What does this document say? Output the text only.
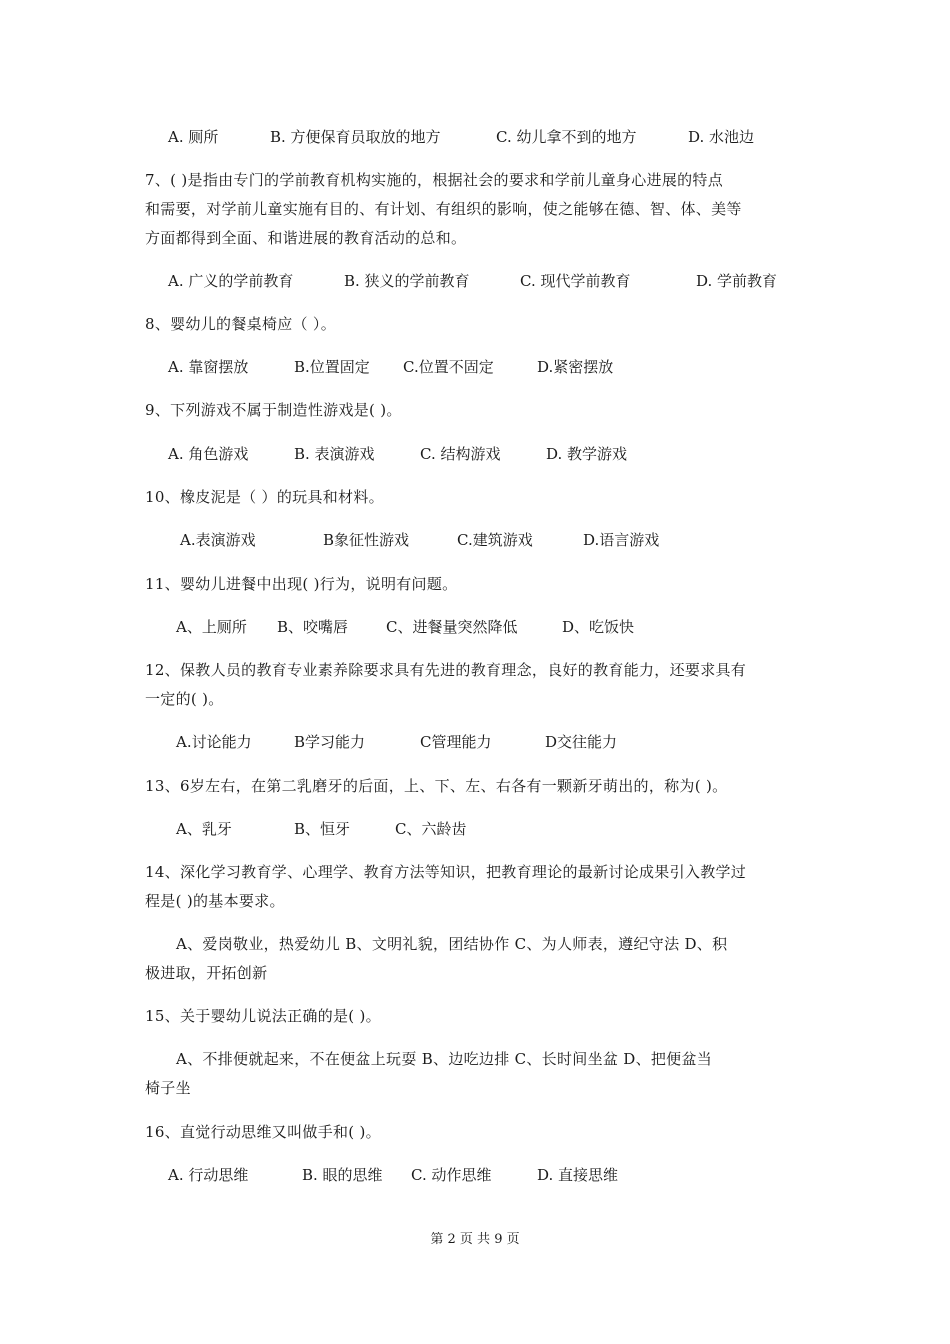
A. 厕所	B. 方便保育员取放的地方	C. 幼儿拿不到的地方	D. 水池边
7、( )是指由专门的学前教育机构实施的，根据社会的要求和学前儿童身心进展的特点
和需要，对学前儿童实施有目的、有计划、有组织的影响，使之能够在德、智、体、美等
方面都得到全面、和谐进展的教育活动的总和。
A. 广义的学前教育	B. 狭义的学前教育	C. 现代学前教育	D. 学前教育
8、婴幼儿的餐桌椅应（ ）。
A. 靠窗摆放	B.位置固定 C.位置不固定	D.紧密摆放
9、下列游戏不属于制造性游戏是( )。
A. 角色游戏	B. 表演游戏	C. 结构游戏	D. 教学游戏
10、橡皮泥是（ ）的玩具和材料。
A.表演游戏	B象征性游戏	C.建筑游戏	D.语言游戏
11、婴幼儿进餐中出现( )行为，说明有问题。
A、上厕所 B、咬嘴唇	C、进餐量突然降低	D、吃饭快
12、保教人员的教育专业素养除要求具有先进的教育理念，良好的教育能力，还要求具有
一定的( )。
A.讨论能力	B学习能力	C管理能力	D交往能力
13、6岁左右，在第二乳磨牙的后面，上、下、左、右各有一颗新牙萌出的，称为( )。
A、乳牙	B、恒牙	C、六龄齿
14、深化学习教育学、心理学、教育方法等知识，把教育理论的最新讨论成果引入教学过
程是( )的基本要求。
A、爱岗敬业，热爱幼儿 B、文明礼貌，团结协作 C、为人师表，遵纪守法 D、积
极进取，开拓创新
15、关于婴幼儿说法正确的是( )。
A、不排便就起来，不在便盆上玩耍 B、边吃边排 C、长时间坐盆 D、把便盆当
椅子坐
16、直觉行动思维又叫做手和( )。
A. 行动思维	B. 眼的思维 C. 动作思维	D. 直接思维
第 2 页 共 9 页
